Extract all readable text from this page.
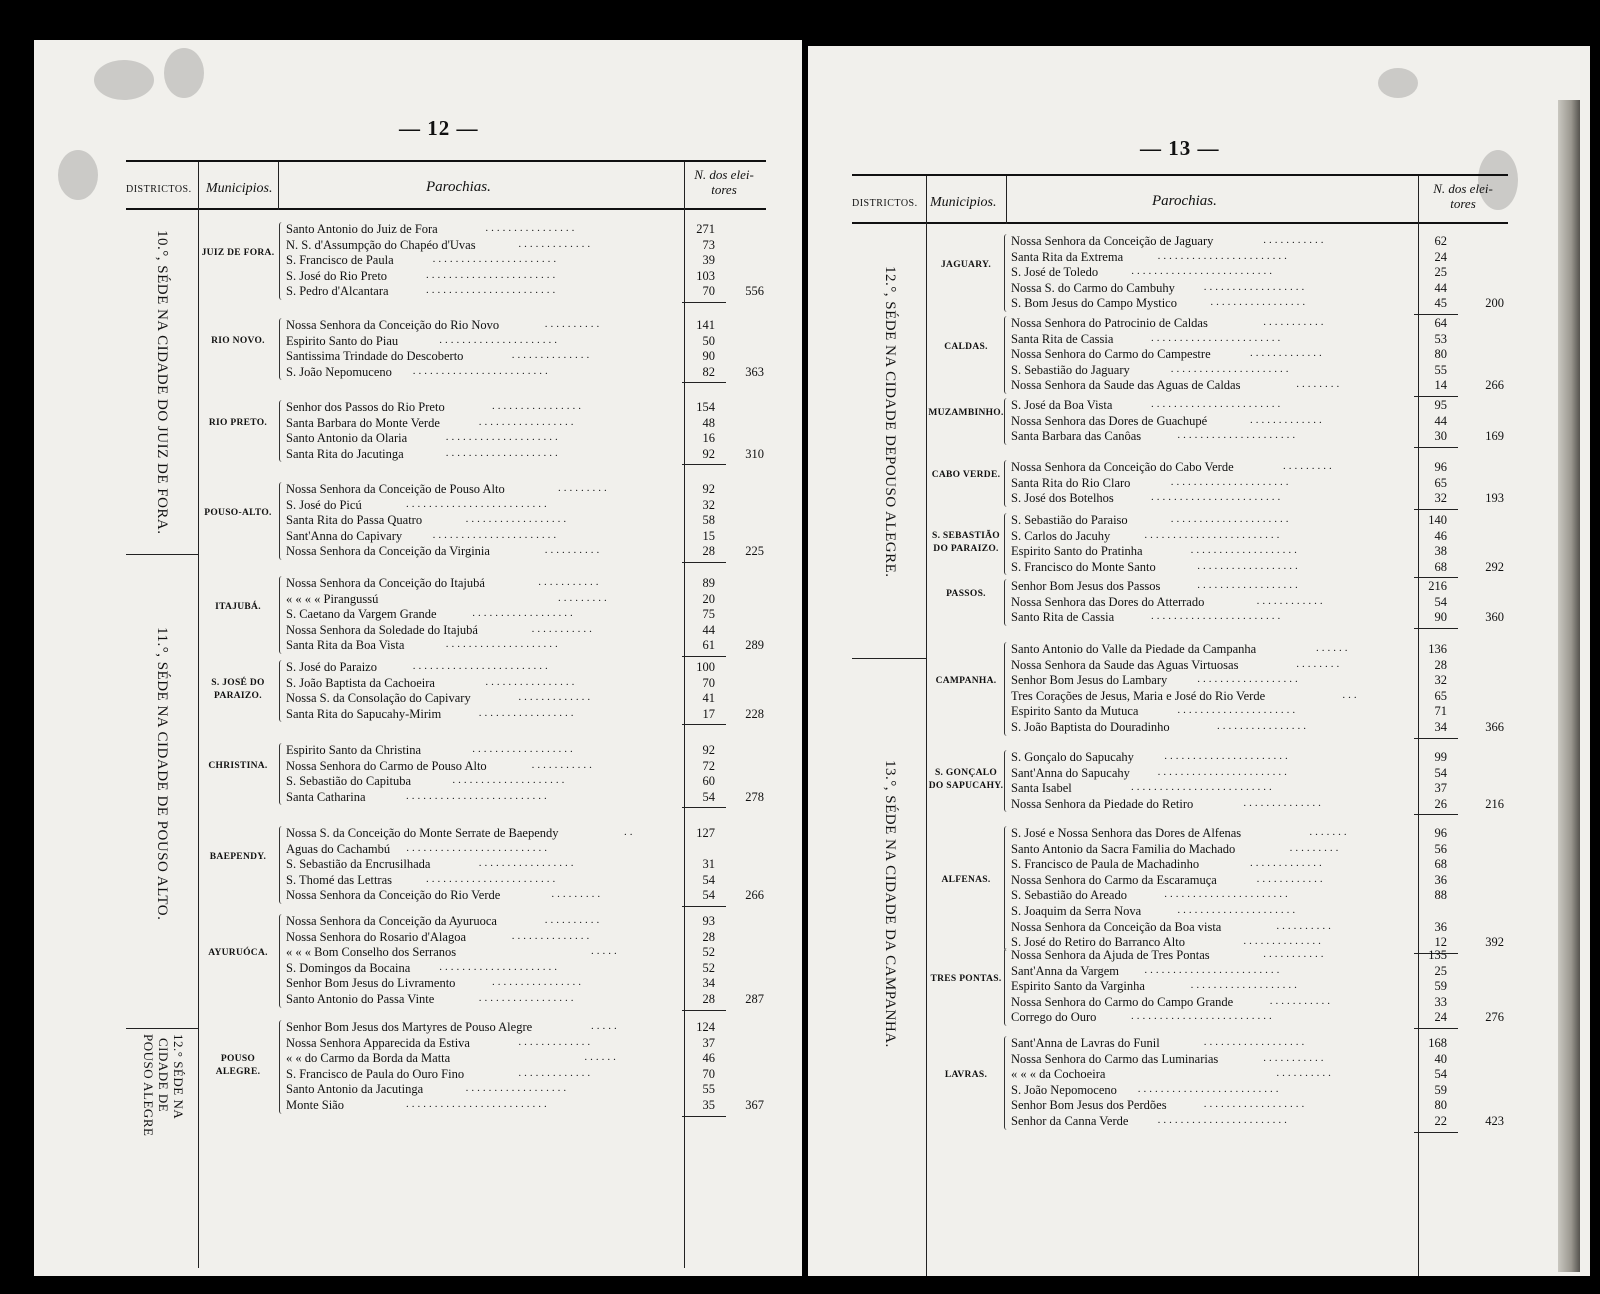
— 12 —
DISTRICTOS. Municipios.	Parochias.
N. dos elei-
tores
10.°, SÉDE NA CIDADE DO JUIZ DE FORA.
11.°, SÉDE NA CIDADE DE POUSO ALTO.
POUSO ALEGRE CIDADE DE 12.° SÉDE NA
JUIZ DE FORA.
Santo Antonio do Juiz de Fora	................	271
N. S. d'Assumpção do Chapéo d'Uvas	.............	73
S. Francisco de Paula	......................	39
S. José do Rio Preto	.......................	103
S. Pedro d'Alcantara	.......................	70	556
RIO NOVO.
Nossa Senhora da Conceição do Rio Novo	..........	141
Espirito Santo do Piau	.....................	50
Santissima Trindade do Descoberto	..............	90
S. João Nepomuceno ........................	82	363
RIO PRETO.
Senhor dos Passos do Rio Preto	................	154
Santa Barbara do Monte Verde	.................	48
Santo Antonio da Olaria	....................	16
Santa Rita do Jacutinga	....................	92	310
POUSO-ALTO.
Nossa Senhora da Conceição de Pouso Alto	.........	92
S. José do Picú	.........................	32
Santa Rita do Passa Quatro	..................	58
Sant'Anna do Capivary	......................	15
Nossa Senhora da Conceição da Virginia	..........	28	225
ITAJUBÁ.
Nossa Senhora da Conceição do Itajubá	...........	89
« « « « Pirangussú	.........	20
S. Caetano da Vargem Grande	..................	75
Nossa Senhora da Soledade do Itajubá	...........	44
Santa Rita da Boa Vista	....................	61	289
S. JOSÉ DO PARAIZO.
S. José do Paraizo	........................	100
S. João Baptista da Cachoeira	................	70
Nossa S. da Consolação do Capivary	.............	41
Santa Rita do Sapucahy-Mirim	.................	17	228
CHRISTINA.
Espirito Santo da Christina	..................	92
Nossa Senhora do Carmo de Pouso Alto	...........	72
S. Sebastião do Capituba	....................	60
Santa Catharina	.........................	54	278
BAEPENDY.
Nossa S. da Conceição do Monte Serrate de Baependy	..	127
Aguas do Cachambú .........................
S. Sebastião da Encrusilhada	.................	31
S. Thomé das Lettras	.......................	54
Nossa Senhora da Conceição do Rio Verde	.........	54	266
AYURUÓCA.
Nossa Senhora da Conceição da Ayuruoca	..........	93
Nossa Senhora do Rosario d'Alagoa	..............	28
« « « Bom Conselho dos Serranos	.....	52
S. Domingos da Bocaina	.....................	52
Senhor Bom Jesus do Livramento	................	34
Santo Antonio do Passa Vinte	.................	28	287
POUSO ALEGRE.
Senhor Bom Jesus dos Martyres de Pouso Alegre	.....	124
Nossa Senhora Apparecida da Estiva	.............	37
« « do Carmo da Borda da Matta	......	46
S. Francisco de Paula do Ouro Fino	.............	70
Santo Antonio da Jacutinga	..................	55
Monte Sião	.........................	35	367
— 13 —
DISTRICTOS. Municipios.	Parochias.
N. dos elei-
tores
12.°, SÉDE NA CIDADE DEPOUSO ALEGRE.
13.°, SÉDE NA CIDADE DA CAMPANHA.
JAGUARY.
Nossa Senhora da Conceição de Jaguary	...........	62
Santa Rita da Extrema	.......................	24
S. José de Toledo	.........................	25
Nossa S. do Carmo do Cambuhy	..................	44
S. Bom Jesus do Campo Mystico	.................	45	200
CALDAS.
Nossa Senhora do Patrocinio de Caldas	...........	64
Santa Rita de Cassia	.......................	53
Nossa Senhora do Carmo do Campestre	.............	80
S. Sebastião do Jaguary	.....................	55
Nossa Senhora da Saude das Aguas de Caldas	........	14	266
MUZAMBINHO.
S. José da Boa Vista	.......................	95
Nossa Senhora das Dores de Guachupé	.............	44
Santa Barbara das Canôas	.....................	30	169
CABO VERDE.
Nossa Senhora da Conceição do Cabo Verde	.........	96
Santa Rita do Rio Claro	.....................	65
S. José dos Botelhos	.......................	32	193
S. SEBASTIÃO DO PARAIZO.
S. Sebastião do Paraiso	.....................	140
S. Carlos do Jacuhy	........................	46
Espirito Santo do Pratinha	...................	38
S. Francisco do Monte Santo	..................	68	292
PASSOS.
Senhor Bom Jesus dos Passos	..................	216
Nossa Senhora das Dores do Atterrado	............	54
Santo Rita de Cassia	.......................	90	360
CAMPANHA.
Santo Antonio do Valle da Piedade da Campanha	......	136
Nossa Senhora da Saude das Aguas Virtuosas	........	28
Senhor Bom Jesus do Lambary	..................	32
Tres Corações de Jesus, Maria e José do Rio Verde	...	65
Espirito Santo da Mutuca	.....................	71
S. João Baptista do Douradinho	................	34	366
S. GONÇALO DO SAPUCAHY.
S. Gonçalo do Sapucahy	......................	99
Sant'Anna do Sapucahy	.......................	54
Santa Isabel	.........................	37
Nossa Senhora da Piedade do Retiro	..............	26	216
ALFENAS.
S. José e Nossa Senhora das Dores de Alfenas	.......	96
Santo Antonio da Sacra Familia do Machado	.........	56
S. Francisco de Paula de Machadinho	.............	68
Nossa Senhora do Carmo da Escaramuça	............	36
S. Sebastião do Areado	......................	88
S. Joaquim da Serra Nova	.....................
Nossa Senhora da Conceição da Boa vista	..........	36
S. José do Retiro do Barranco Alto	..............	12	392
TRES PONTAS.
Nossa Senhora da Ajuda de Tres Pontas	...........	135
Sant'Anna da Vargem ........................	25
Espirito Santo da Varginha	...................	59
Nossa Senhora do Carmo do Campo Grande	...........	33
Corrego do Ouro	.........................	24	276
LAVRAS.
Sant'Anna de Lavras do Funil	..................	168
Nossa Senhora do Carmo das Luminarias	...........	40
« « « da Cochoeira	..........	54
S. João Nepomoceno .........................	59
Senhor Bom Jesus dos Perdões	..................	80
Senhor da Canna Verde	.......................	22	423
